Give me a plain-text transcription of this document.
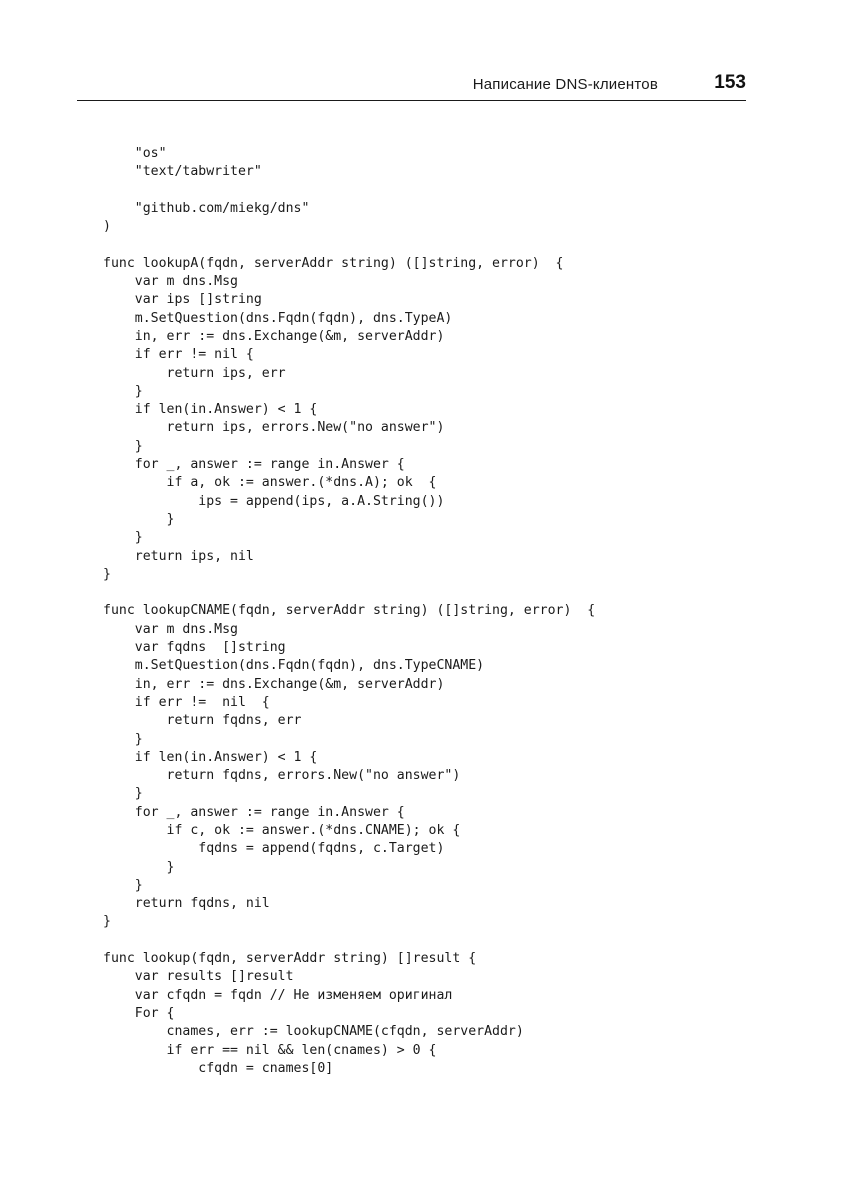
Написание DNS-клиентов	153
"os"
"text/tabwriter"
"github.com/miekg/dns"
)
func lookupA(fqdn, serverAddr string) ([]string, error)  {
var m dns.Msg
var ips []string
m.SetQuestion(dns.Fqdn(fqdn), dns.TypeA)
in, err := dns.Exchange(&m, serverAddr)
if err != nil {
return ips, err
}
if len(in.Answer) < 1 {
return ips, errors.New("no answer")
}
for _, answer := range in.Answer {
if a, ok := answer.(*dns.A); ok  {
ips = append(ips, a.A.String())
}
}
return ips, nil
}
func lookupCNAME(fqdn, serverAddr string) ([]string, error)  {
var m dns.Msg
var fqdns  []string
m.SetQuestion(dns.Fqdn(fqdn), dns.TypeCNAME)
in, err := dns.Exchange(&m, serverAddr)
if err !=  nil  {
return fqdns, err
}
if len(in.Answer) < 1 {
return fqdns, errors.New("no answer")
}
for _, answer := range in.Answer {
if c, ok := answer.(*dns.CNAME); ok {
fqdns = append(fqdns, c.Target)
}
}
return fqdns, nil
}
func lookup(fqdn, serverAddr string) []result {
var results []result
var cfqdn = fqdn // Не изменяем оригинал
For {
cnames, err := lookupCNAME(cfqdn, serverAddr)
if err == nil && len(cnames) > 0 {
cfqdn = cnames[0]
